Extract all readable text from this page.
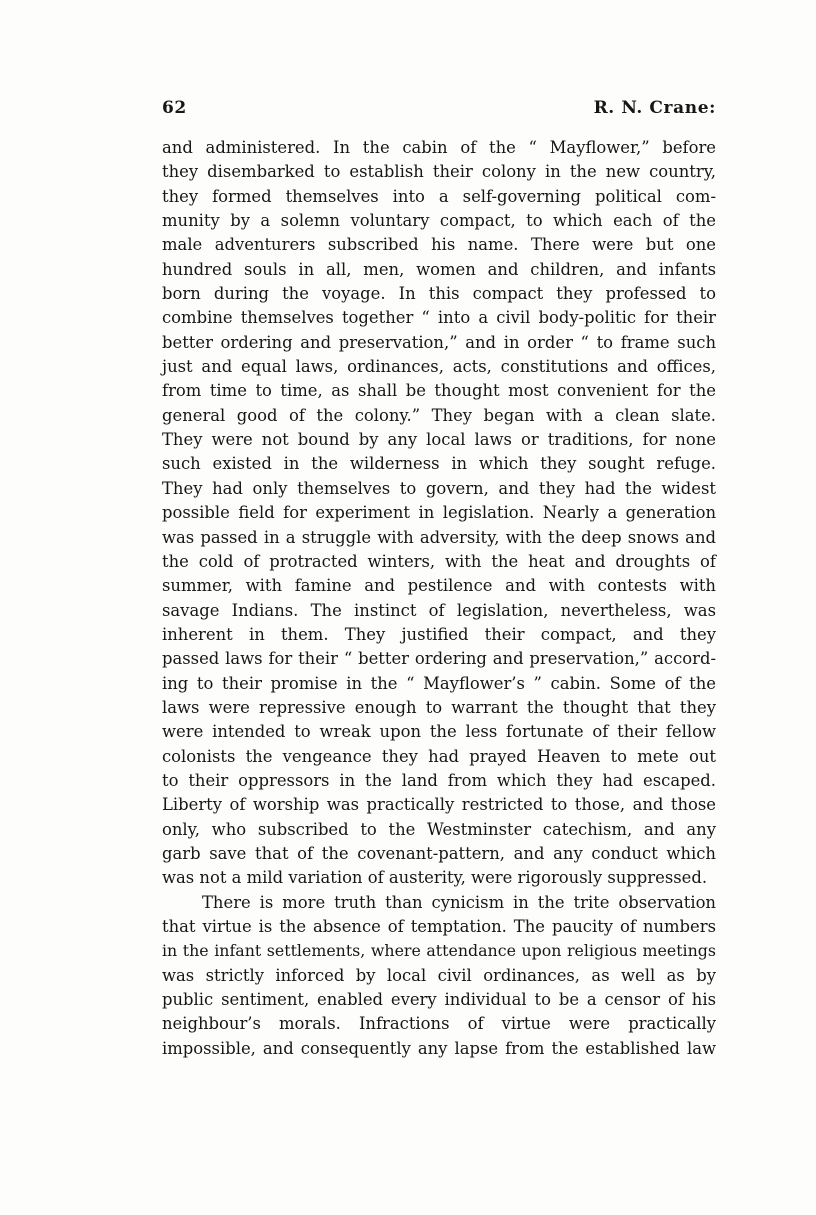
62	R. N. Crane:
and administered. In the cabin of the “ Mayflower,” before
they disembarked to establish their colony in the new country,
they formed themselves into a self-governing political com-
munity by a solemn voluntary compact, to which each of the
male adventurers subscribed his name. There were but one
hundred souls in all, men, women and children, and infants
born during the voyage. In this compact they professed to
combine themselves together “ into a civil body-politic for their
better ordering and preservation,” and in order “ to frame such
just and equal laws, ordinances, acts, constitutions and offices,
from time to time, as shall be thought most convenient for the
general good of the colony.” They began with a clean slate.
They were not bound by any local laws or traditions, for none
such existed in the wilderness in which they sought refuge.
They had only themselves to govern, and they had the widest
possible field for experiment in legislation. Nearly a generation
was passed in a struggle with adversity, with the deep snows and
the cold of protracted winters, with the heat and droughts of
summer, with famine and pestilence and with contests with
savage Indians. The instinct of legislation, nevertheless, was
inherent in them. They justified their compact, and they
passed laws for their “ better ordering and preservation,” accord-
ing to their promise in the “ Mayflower’s ” cabin. Some of the
laws were repressive enough to warrant the thought that they
were intended to wreak upon the less fortunate of their fellow
colonists the vengeance they had prayed Heaven to mete out
to their oppressors in the land from which they had escaped.
Liberty of worship was practically restricted to those, and those
only, who subscribed to the Westminster catechism, and any
garb save that of the covenant-pattern, and any conduct which
was not a mild variation of austerity, were rigorously suppressed.
There is more truth than cynicism in the trite observation
that virtue is the absence of temptation. The paucity of numbers
in the infant settlements, where attendance upon religious meetings
was strictly inforced by local civil ordinances, as well as by
public sentiment, enabled every individual to be a censor of his
neighbour’s morals. Infractions of virtue were practically
impossible, and consequently any lapse from the established law
